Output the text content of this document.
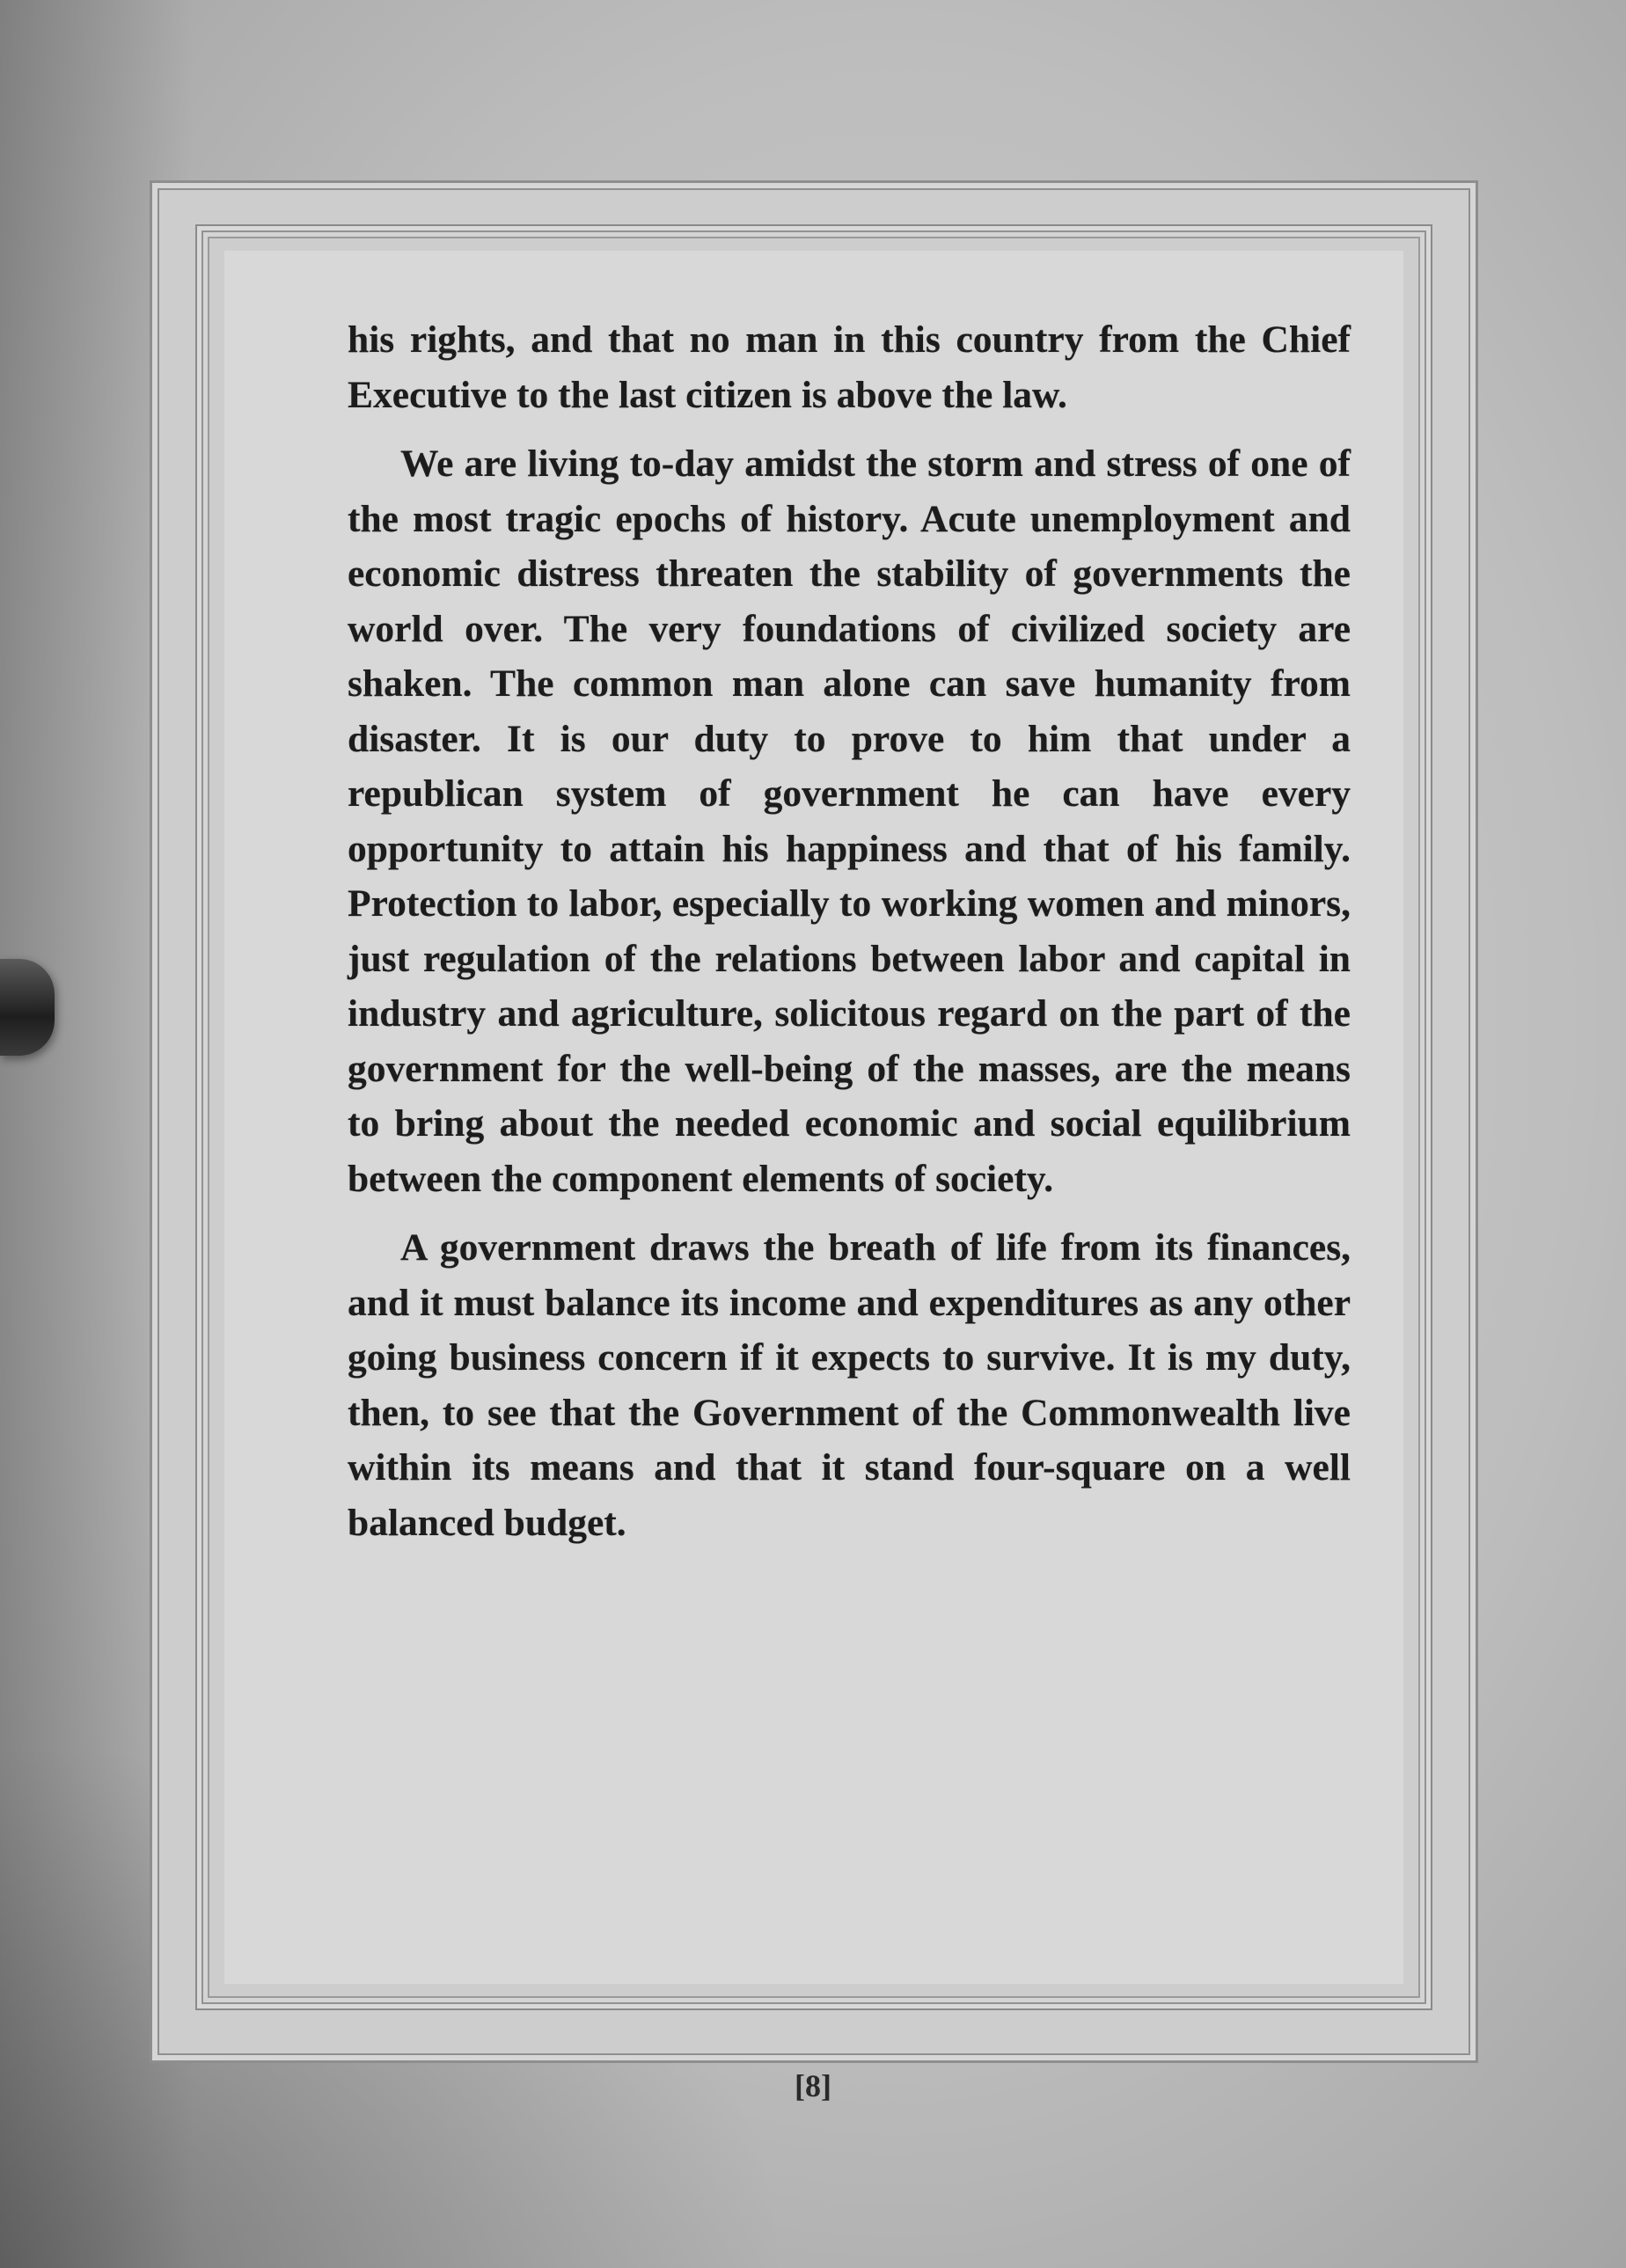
his rights, and that no man in this country from the Chief Executive to the last citizen is above the law.

We are living to-day amidst the storm and stress of one of the most tragic epochs of history. Acute unemployment and economic distress threaten the stability of governments the world over. The very foundations of civilized society are shaken. The common man alone can save humanity from disaster. It is our duty to prove to him that under a republican system of government he can have every opportunity to attain his happiness and that of his family. Protection to labor, especially to working women and minors, just regulation of the relations between labor and capital in industry and agriculture, solicitous regard on the part of the government for the well-being of the masses, are the means to bring about the needed economic and social equilibrium between the component elements of society.

A government draws the breath of life from its finances, and it must balance its income and expenditures as any other going business concern if it expects to survive. It is my duty, then, to see that the Government of the Commonwealth live within its means and that it stand four-square on a well balanced budget.

[8]
